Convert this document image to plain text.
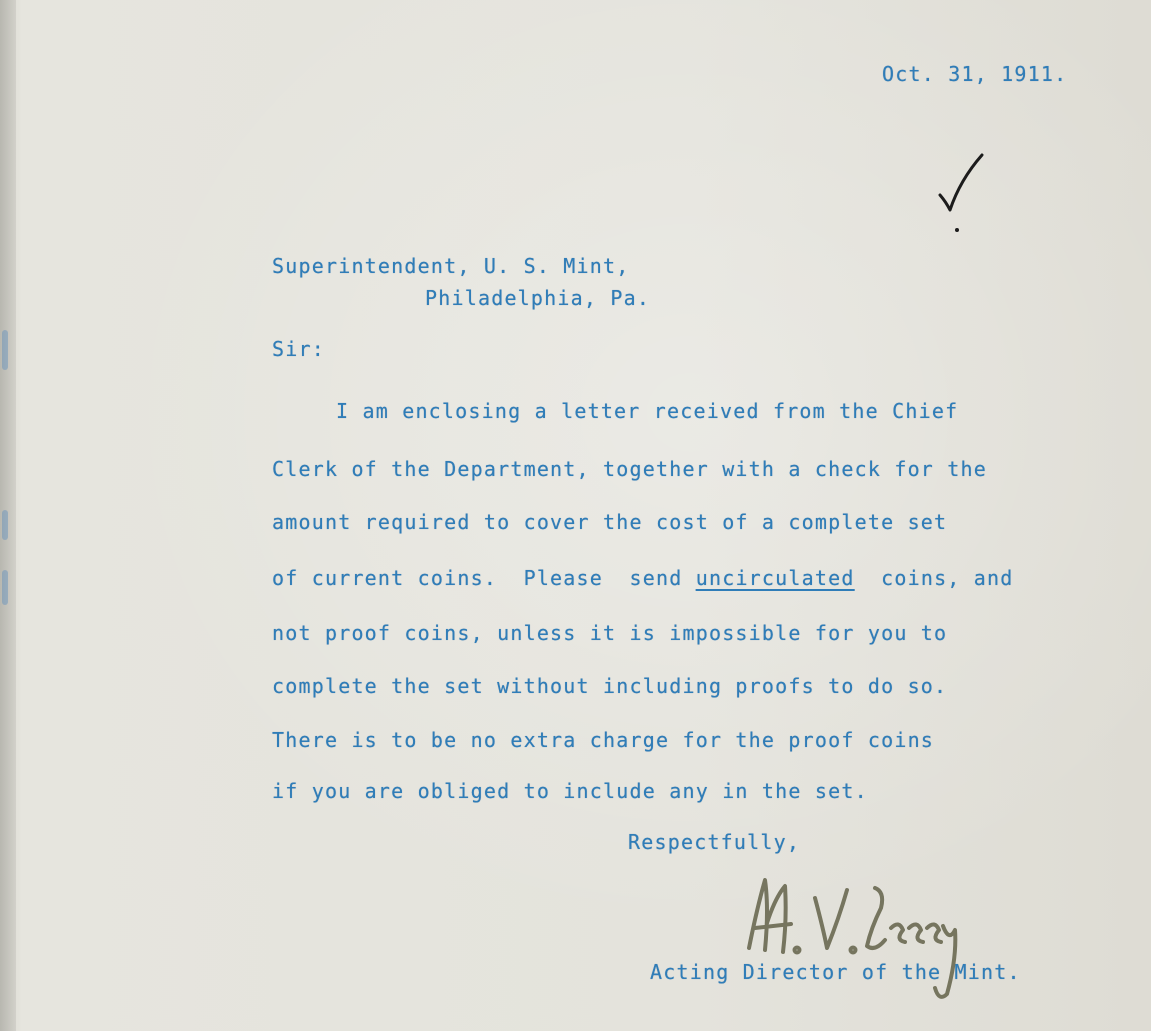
Oct. 31, 1911.
Superintendent, U. S. Mint,
Philadelphia, Pa.
Sir:
I am enclosing a letter received from the Chief
Clerk of the Department, together with a check for the
amount required to cover the cost of a complete set
of current coins.  Please  send uncirculated  coins, and
not proof coins, unless it is impossible for you to
complete the set without including proofs to do so.
There is to be no extra charge for the proof coins
if you are obliged to include any in the set.
Respectfully,
Acting Director of the Mint.
